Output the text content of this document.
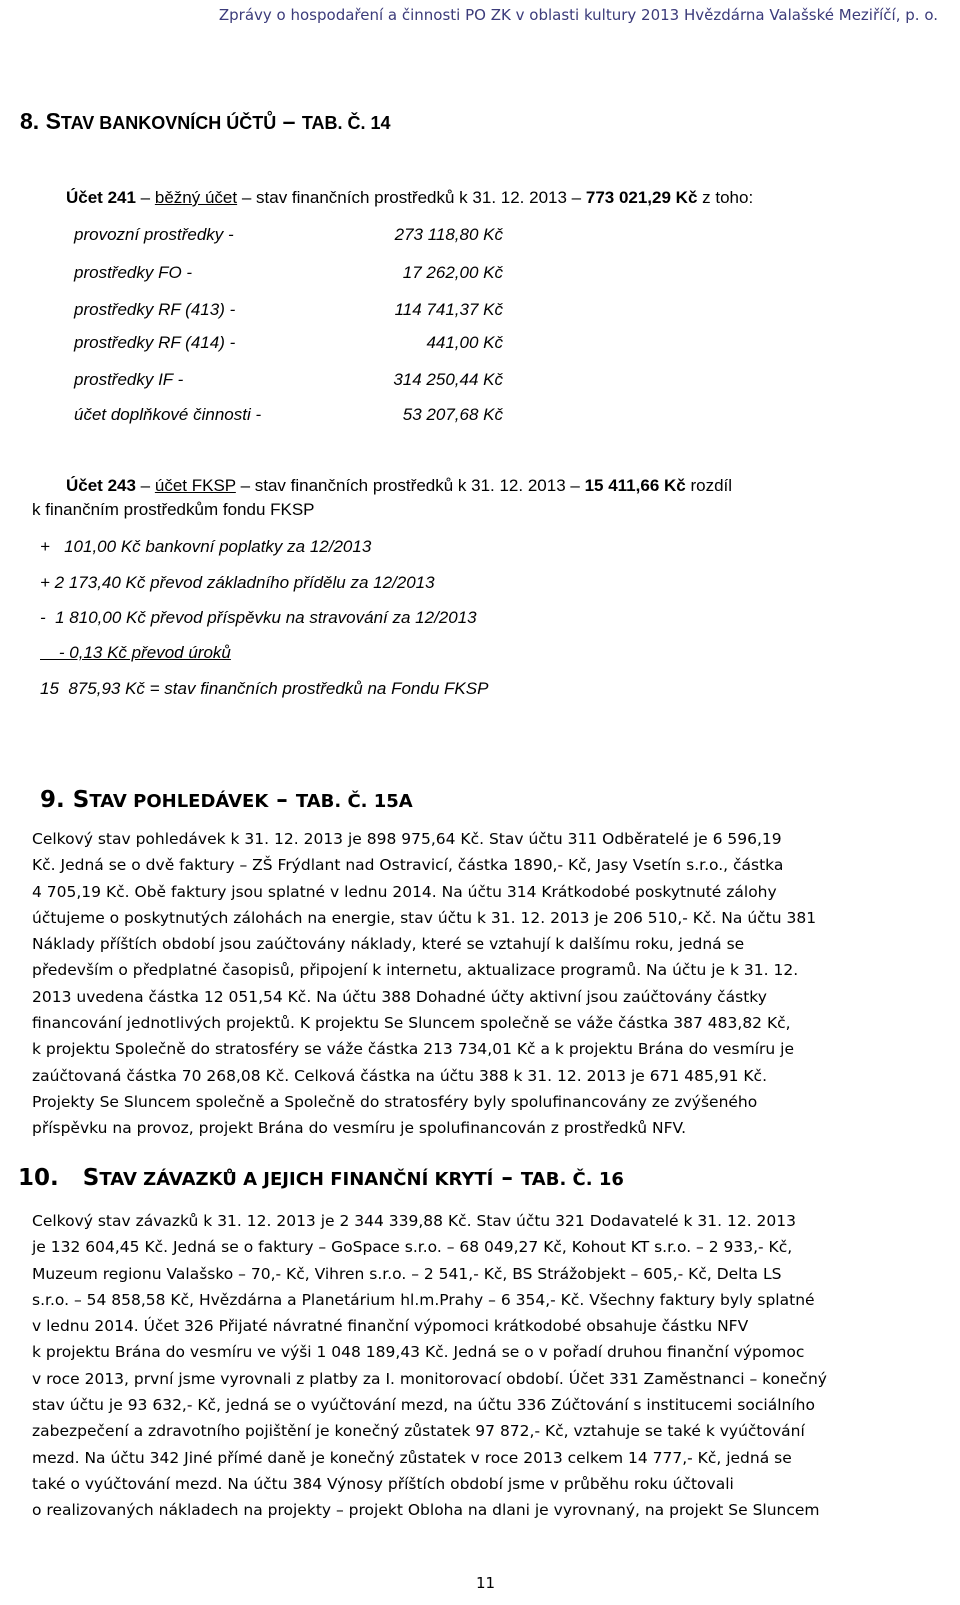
Zprávy o hospodaření a činnosti PO ZK v oblasti kultury 2013 Hvězdárna Valašské Meziříčí, p. o.
8. STAV BANKOVNÍCH ÚČTŮ – TAB. Č. 14
Účet 241 – běžný účet – stav finančních prostředků k 31. 12. 2013 – 773 021,29 Kč z toho:
provozní prostředky -	273 118,80 Kč
prostředky FO -	17 262,00 Kč
prostředky RF (413) -	114 741,37 Kč
prostředky RF (414) -	441,00 Kč
prostředky IF -	314 250,44 Kč
účet doplňkové činnosti -	53 207,68 Kč
Účet 243 – účet FKSP – stav finančních prostředků k 31. 12. 2013 – 15 411,66 Kč rozdíl
k finančním prostředkům fondu FKSP
+   101,00 Kč bankovní poplatky za 12/2013
+ 2 173,40 Kč převod základního přídělu za 12/2013
-  1 810,00 Kč převod příspěvku na stravování za 12/2013
- 0,13 Kč převod úroků
15  875,93 Kč = stav finančních prostředků na Fondu FKSP
9. STAV POHLEDÁVEK – TAB. Č. 15A
Celkový stav pohledávek k 31. 12. 2013 je 898 975,64 Kč. Stav účtu 311 Odběratelé je 6 596,19
Kč. Jedná se o dvě faktury – ZŠ Frýdlant nad Ostravicí, částka 1890,- Kč, Jasy Vsetín s.r.o., částka
4 705,19 Kč. Obě faktury jsou splatné v lednu 2014. Na účtu 314 Krátkodobé poskytnuté zálohy
účtujeme o poskytnutých zálohách na energie, stav účtu k 31. 12. 2013 je 206 510,- Kč. Na účtu 381
Náklady příštích období jsou zaúčtovány náklady, které se vztahují k dalšímu roku, jedná se
především o předplatné časopisů, připojení k internetu, aktualizace programů. Na účtu je k 31. 12.
2013 uvedena částka 12 051,54 Kč. Na účtu 388 Dohadné účty aktivní jsou zaúčtovány částky
financování jednotlivých projektů. K projektu Se Sluncem společně se váže částka 387 483,82 Kč,
k projektu Společně do stratosféry se váže částka 213 734,01 Kč a k projektu Brána do vesmíru je
zaúčtovaná částka 70 268,08 Kč. Celková částka na účtu 388 k 31. 12. 2013 je 671 485,91 Kč.
Projekty Se Sluncem společně a Společně do stratosféry byly spolufinancovány ze zvýšeného
příspěvku na provoz, projekt Brána do vesmíru je spolufinancován z prostředků NFV.
10. STAV ZÁVAZKŮ A JEJICH FINANČNÍ KRYTÍ – TAB. Č. 16
Celkový stav závazků k 31. 12. 2013 je 2 344 339,88 Kč. Stav účtu 321 Dodavatelé k 31. 12. 2013
je 132 604,45 Kč. Jedná se o faktury – GoSpace s.r.o. – 68 049,27 Kč, Kohout KT s.r.o. – 2 933,- Kč,
Muzeum regionu Valašsko – 70,- Kč, Vihren s.r.o. – 2 541,- Kč, BS Strážobjekt – 605,- Kč, Delta LS
s.r.o. – 54 858,58 Kč, Hvězdárna a Planetárium hl.m.Prahy – 6 354,- Kč. Všechny faktury byly splatné
v lednu 2014. Účet 326 Přijaté návratné finanční výpomoci krátkodobé obsahuje částku NFV
k projektu Brána do vesmíru ve výši 1 048 189,43 Kč. Jedná se o v pořadí druhou finanční výpomoc
v roce 2013, první jsme vyrovnali z platby za I. monitorovací období. Účet 331 Zaměstnanci – konečný
stav účtu je 93 632,- Kč, jedná se o vyúčtování mezd, na účtu 336 Zúčtování s institucemi sociálního
zabezpečení a zdravotního pojištění je konečný zůstatek 97 872,- Kč, vztahuje se také k vyúčtování
mezd. Na účtu 342 Jiné přímé daně je konečný zůstatek v roce 2013 celkem 14 777,- Kč, jedná se
také o vyúčtování mezd. Na účtu 384 Výnosy příštích období jsme v průběhu roku účtovali
o realizovaných nákladech na projekty – projekt Obloha na dlani je vyrovnaný, na projekt Se Sluncem
11
